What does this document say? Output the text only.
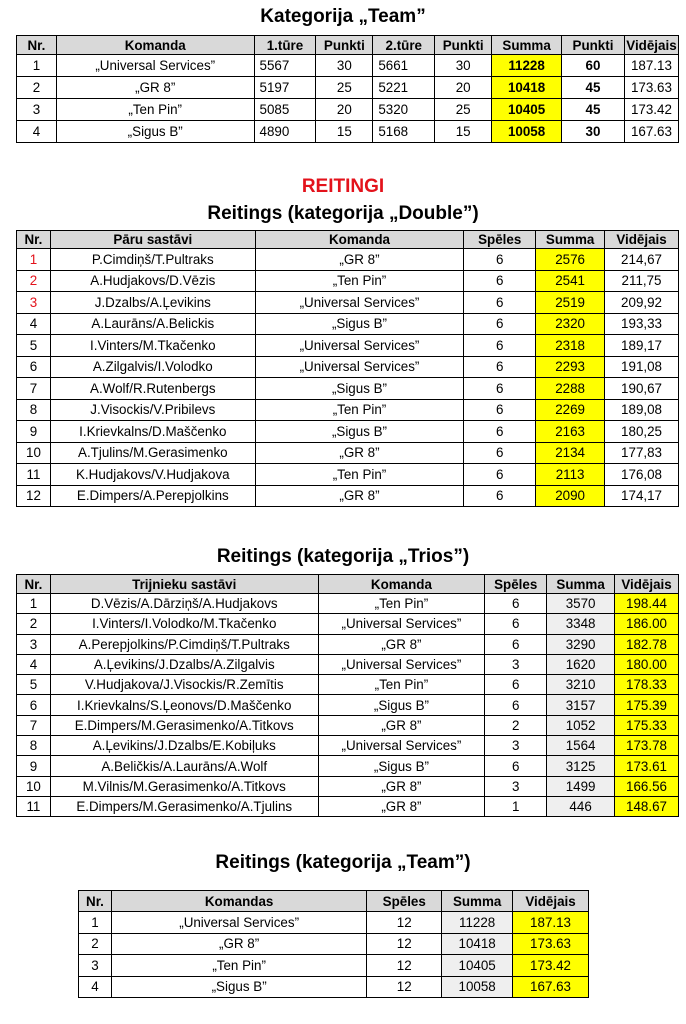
Kategorija „Team”
Nr.	Komanda	1.tūre	Punkti	2.tūre	Punkti	Summa	Punkti	Vidējais
1	„Universal Services”	5567	30	5661	30	11228	60	187.13
2	„GR 8”	5197	25	5221	20	10418	45	173.63
3	„Ten Pin”	5085	20	5320	25	10405	45	173.42
4	„Sigus B”	4890	15	5168	15	10058	30	167.63
REITINGI
Reitings (kategorija „Double”)
Nr.	Pāru sastāvi	Komanda	Spēles	Summa	Vidējais
1	P.Cimdiņš/T.Pultraks	„GR 8”	6	2576	214,67
2	A.Hudjakovs/D.Vēzis	„Ten Pin”	6	2541	211,75
3	J.Dzalbs/A.Ļevikins	„Universal Services”	6	2519	209,92
4	A.Laurāns/A.Belickis	„Sigus B”	6	2320	193,33
5	I.Vinters/M.Tkačenko	„Universal Services”	6	2318	189,17
6	A.Zilgalvis/I.Volodko	„Universal Services”	6	2293	191,08
7	A.Wolf/R.Rutenbergs	„Sigus B”	6	2288	190,67
8	J.Visockis/V.Pribilevs	„Ten Pin”	6	2269	189,08
9	I.Krievkalns/D.Maščenko	„Sigus B”	6	2163	180,25
10	A.Tjulins/M.Gerasimenko	„GR 8”	6	2134	177,83
11	K.Hudjakovs/V.Hudjakova	„Ten Pin”	6	2113	176,08
12	E.Dimpers/A.Perepjolkins	„GR 8”	6	2090	174,17
Reitings (kategorija „Trios”)
Nr.	Trijnieku sastāvi	Komanda	Spēles	Summa	Vidējais
1	D.Vēzis/A.Dārziņš/A.Hudjakovs	„Ten Pin”	6	3570	198.44
2	I.Vinters/I.Volodko/M.Tkačenko	„Universal Services”	6	3348	186.00
3	A.Perepjolkins/P.Cimdiņš/T.Pultraks	„GR 8”	6	3290	182.78
4	A.Ļevikins/J.Dzalbs/A.Zilgalvis	„Universal Services”	3	1620	180.00
5	V.Hudjakova/J.Visockis/R.Zemītis	„Ten Pin”	6	3210	178.33
6	I.Krievkalns/S.Ļeonovs/D.Maščenko	„Sigus B”	6	3157	175.39
7	E.Dimpers/M.Gerasimenko/A.Titkovs	„GR 8”	2	1052	175.33
8	A.Ļevikins/J.Dzalbs/E.Kobiļuks	„Universal Services”	3	1564	173.78
9	A.Beličkis/A.Laurāns/A.Wolf	„Sigus B”	6	3125	173.61
10	M.Vilnis/M.Gerasimenko/A.Titkovs	„GR 8”	3	1499	166.56
11	E.Dimpers/M.Gerasimenko/A.Tjulins	„GR 8”	1	446	148.67
Reitings (kategorija „Team”)
Nr.	Komandas	Spēles	Summa	Vidējais
1	„Universal Services”	12	11228	187.13
2	„GR 8”	12	10418	173.63
3	„Ten Pin”	12	10405	173.42
4	„Sigus B”	12	10058	167.63
